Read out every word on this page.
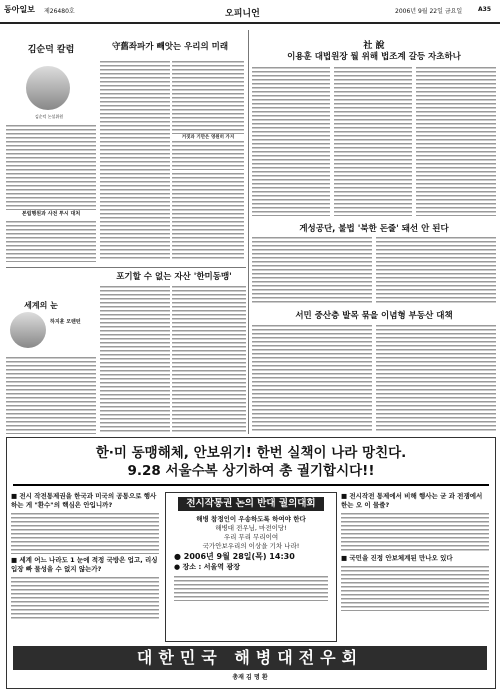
동아일보 제26480호	오피니언	2006년 9월 22일 금요일	A35
김순덕 칼럼
김순덕 논설위원
본립행원과 사전 투시 대처
守舊좌파가 빼앗는 우리의 미래
거짓과 기만은 영원히 가지
세계의 눈
하지훈 모렌턴
포기할 수 없는 자산 '한미동맹'
社 說
이용훈 대법원장 뭘 위해 법조계 갈등 자초하나
게성공단, 불법 '북한 돈줄' 돼선 안 된다
서민 중산층 발목 묶을 이념형 부동산 대책
한·미 동맹해체, 안보위기! 한번 실책이 나라 망친다.
9.28 서울수복 상기하여 총 궐기합시다!!
■ 전시 작전통제권을 한국과 미국의 공통으로 행사하는 게 "환수"의 핵심은 안입니까?
■ 세계 어느 나라도 1 눈에 적정 국방은 업고, 리싱입장 빠 물성을 수 없지 않는가?
전시작통권 논의 반대 궐의대회
해병 참정인이 우송하도록 하여야 한다
해병대 전우님, 마전이당!
우리 무리 무리이여
국가안보우리의 이상을 기차 나라!
● 2006년 9월 28일(목) 14:30
● 장소 : 서울역 광장
■ 전시작전 통제에서 비해 행사는 굳 과 전쟁에서 한는 오 이 물줄?
■ 국민을 진정 안보체계된 만나오 있다
대한민국 해병대전우회
총재 김 명 환
